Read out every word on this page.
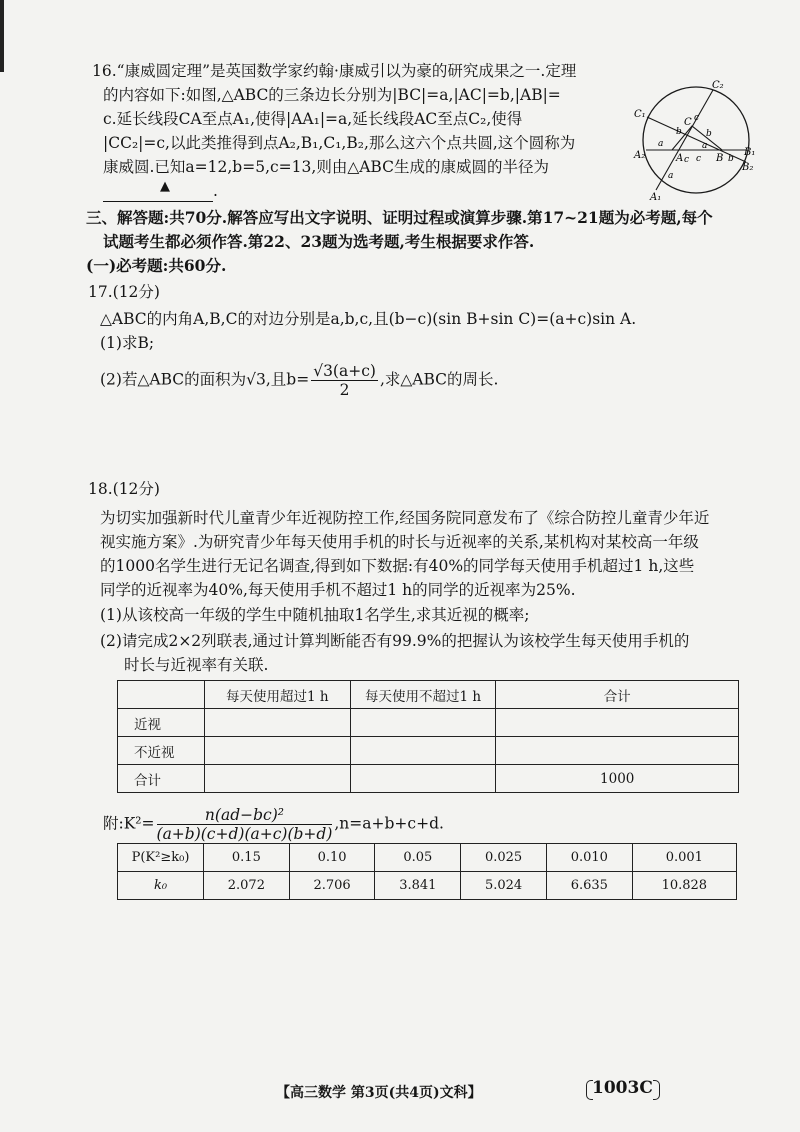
16.“康威圆定理”是英国数学家约翰·康威引以为豪的研究成果之一.定理
的内容如下:如图,△ABC的三条边长分别为|BC|=a,|AC|=b,|AB|=
c.延长线段CA至点A₁,使得|AA₁|=a,延长线段AC至点C₂,使得
|CC₂|=c,以此类推得到点A₂,B₁,C₁,B₂,那么这六个点共圆,这个圆称为
康威圆.已知a=12,b=5,c=13,则由△ABC生成的康威圆的半径为
.
▲
C₂
C₁
C
A₂	A	B
B₁
B₂
A₁
a
b
c
b
a
c	b
c
a
三、解答题:共70分.解答应写出文字说明、证明过程或演算步骤.第17~21题为必考题,每个
试题考生都必须作答.第22、23题为选考题,考生根据要求作答.
(一)必考题:共60分.
17.(12分)
△ABC的内角A,B,C的对边分别是a,b,c,且(b−c)(sin B+sin C)=(a+c)sin A.
(1)求B;
(2)若△ABC的面积为√3,且$b= \frac{√3(a+c)}{2}$ ,求△ABC的周长.
18.(12分)
为切实加强新时代儿童青少年近视防控工作,经国务院同意发布了《综合防控儿童青少年近
视实施方案》.为研究青少年每天使用手机的时长与近视率的关系,某机构对某校高一年级
的1000名学生进行无记名调查,得到如下数据:有40%的同学每天使用手机超过1 h,这些
同学的近视率为40%,每天使用手机不超过1 h的同学的近视率为25%.
(1)从该校高一年级的学生中随机抽取1名学生,求其近视的概率;
(2)请完成2×2列联表,通过计算判断能否有99.9%的把握认为该校学生每天使用手机的
时长与近视率有关联.
	每天使用超过1 h	每天使用不超过1 h	合计
近视			
不近视			
合计			1000
附:K²= $\frac{\text{n(ad−bc)²}}{(a+b)(c+d)(a+c)(b+d)} ,n=a+b+c+d$.
P(K²≥k₀)	0.15	0.10	0.05	0.025	0.010	0.001
k₀	2.072	2.706	3.841	5.024	6.635	10.828
【高三数学 第3页(共4页)文科】	1003C
